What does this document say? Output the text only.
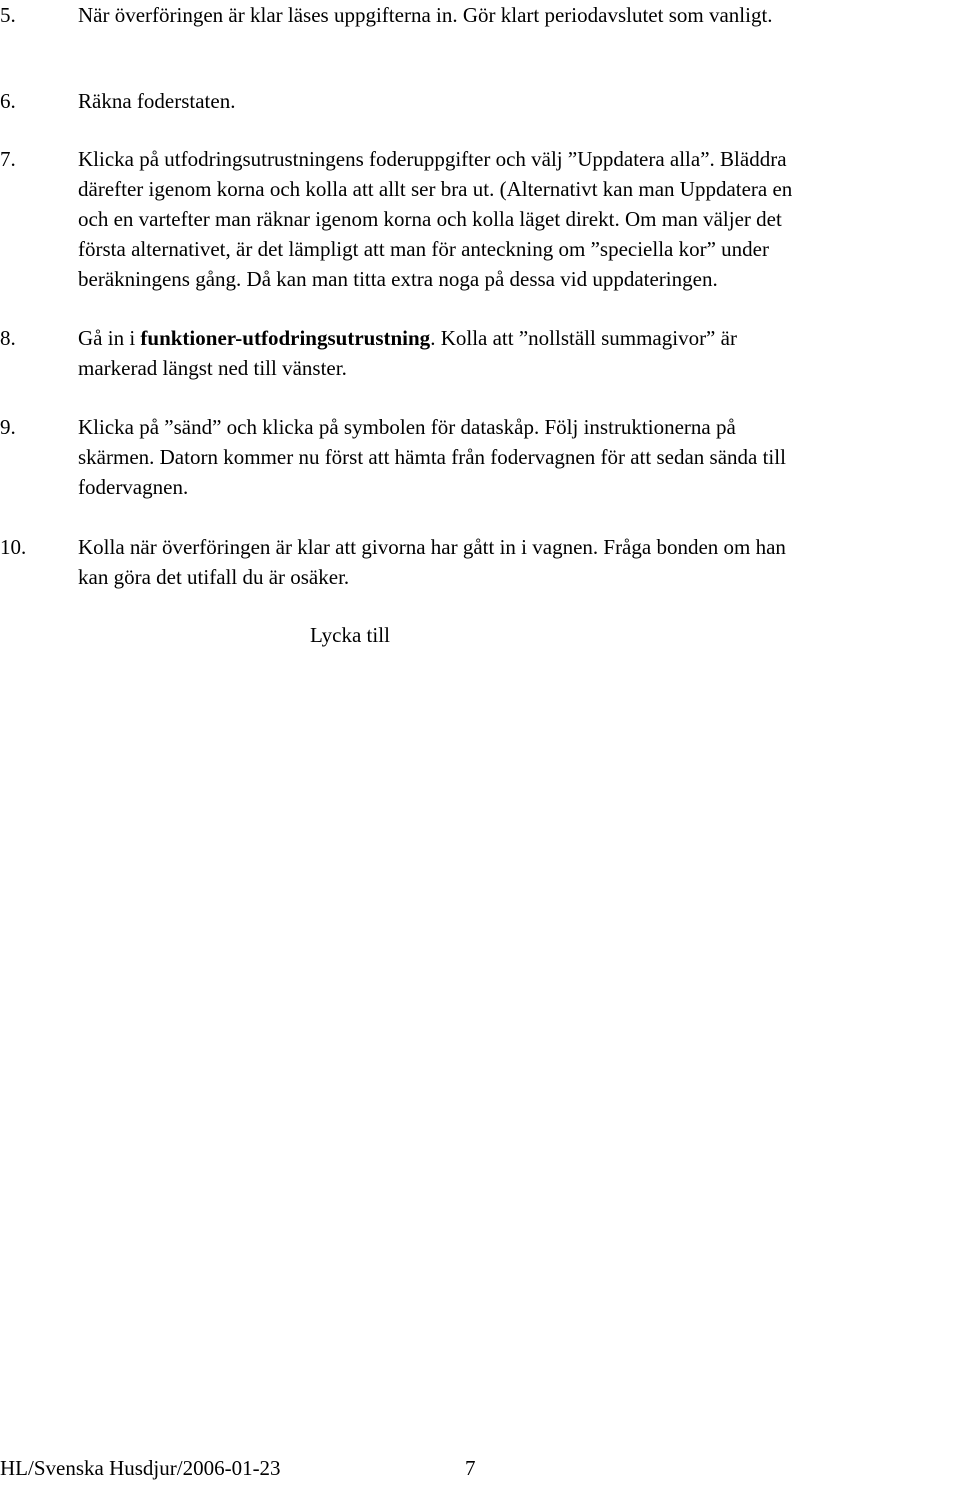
5.	När överföringen är klar läses uppgifterna in. Gör klart periodavslutet som vanligt.
6.	Räkna foderstaten.
7.	Klicka på utfodringsutrustningens foderuppgifter och välj ”Uppdatera alla”. Bläddra
därefter igenom korna och kolla att allt ser bra ut. (Alternativt kan man Uppdatera en
och en vartefter man räknar igenom korna och kolla läget direkt. Om man väljer det
första alternativet, är det lämpligt att man för anteckning om ”speciella kor” under
beräkningens gång. Då kan man titta extra noga på dessa vid uppdateringen.
8.	Gå in i funktioner-utfodringsutrustning. Kolla att ”nollställ summagivor” är
markerad längst ned till vänster.
9.	Klicka på ”sänd” och klicka på symbolen för dataskåp. Följ instruktionerna på
skärmen. Datorn kommer nu först att hämta från fodervagnen för att sedan sända till
fodervagnen.
10. Kolla när överföringen är klar att givorna har gått in i vagnen. Fråga bonden om han
kan göra det utifall du är osäker.
Lycka till
HL/Svenska Husdjur/2006-01-23	7
